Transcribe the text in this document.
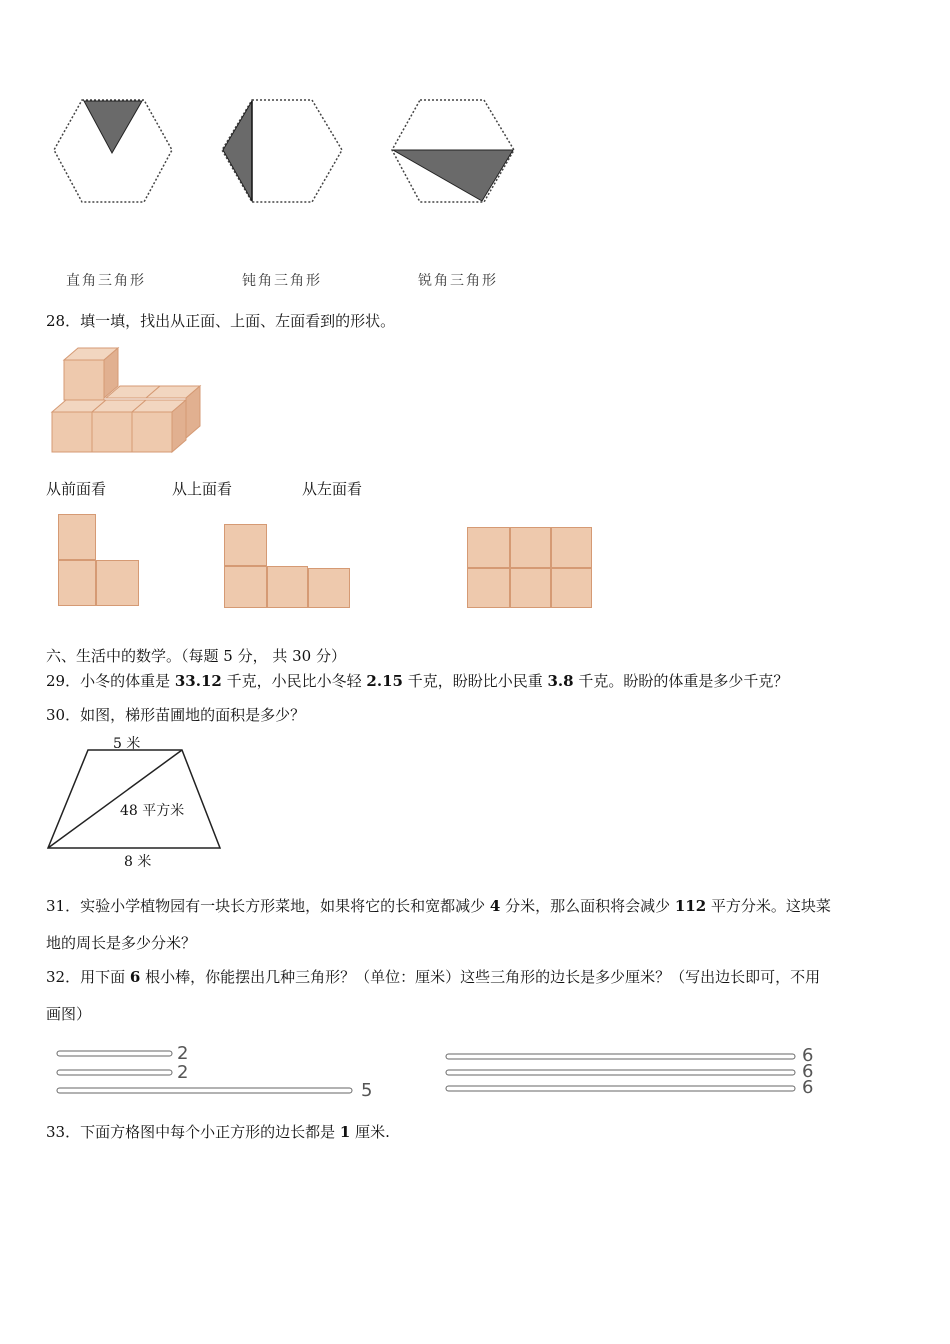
直角三角形	钝角三角形	锐角三角形
28．填一填，找出从正面、上面、左面看到的形状。
从前面看	从上面看	从左面看
六、生活中的数学。（每题 5 分， 共 30 分）
29．小冬的体重是 33.12 千克，小民比小冬轻 2.15 千克，盼盼比小民重 3.8 千克。盼盼的体重是多少千克？
30．如图，梯形苗圃地的面积是多少？
5 米
48 平方米
8 米
31．实验小学植物园有一块长方形菜地，如果将它的长和宽都减少 4 分米，那么面积将会减少 112 平方分米。这块菜
地的周长是多少分米？
32．用下面 6 根小棒，你能摆出几种三角形？（单位：厘米）这些三角形的边长是多少厘米？（写出边长即可，不用
画图）
2
2
5
6
6
6
33．下面方格图中每个小正方形的边长都是 1 厘米.
